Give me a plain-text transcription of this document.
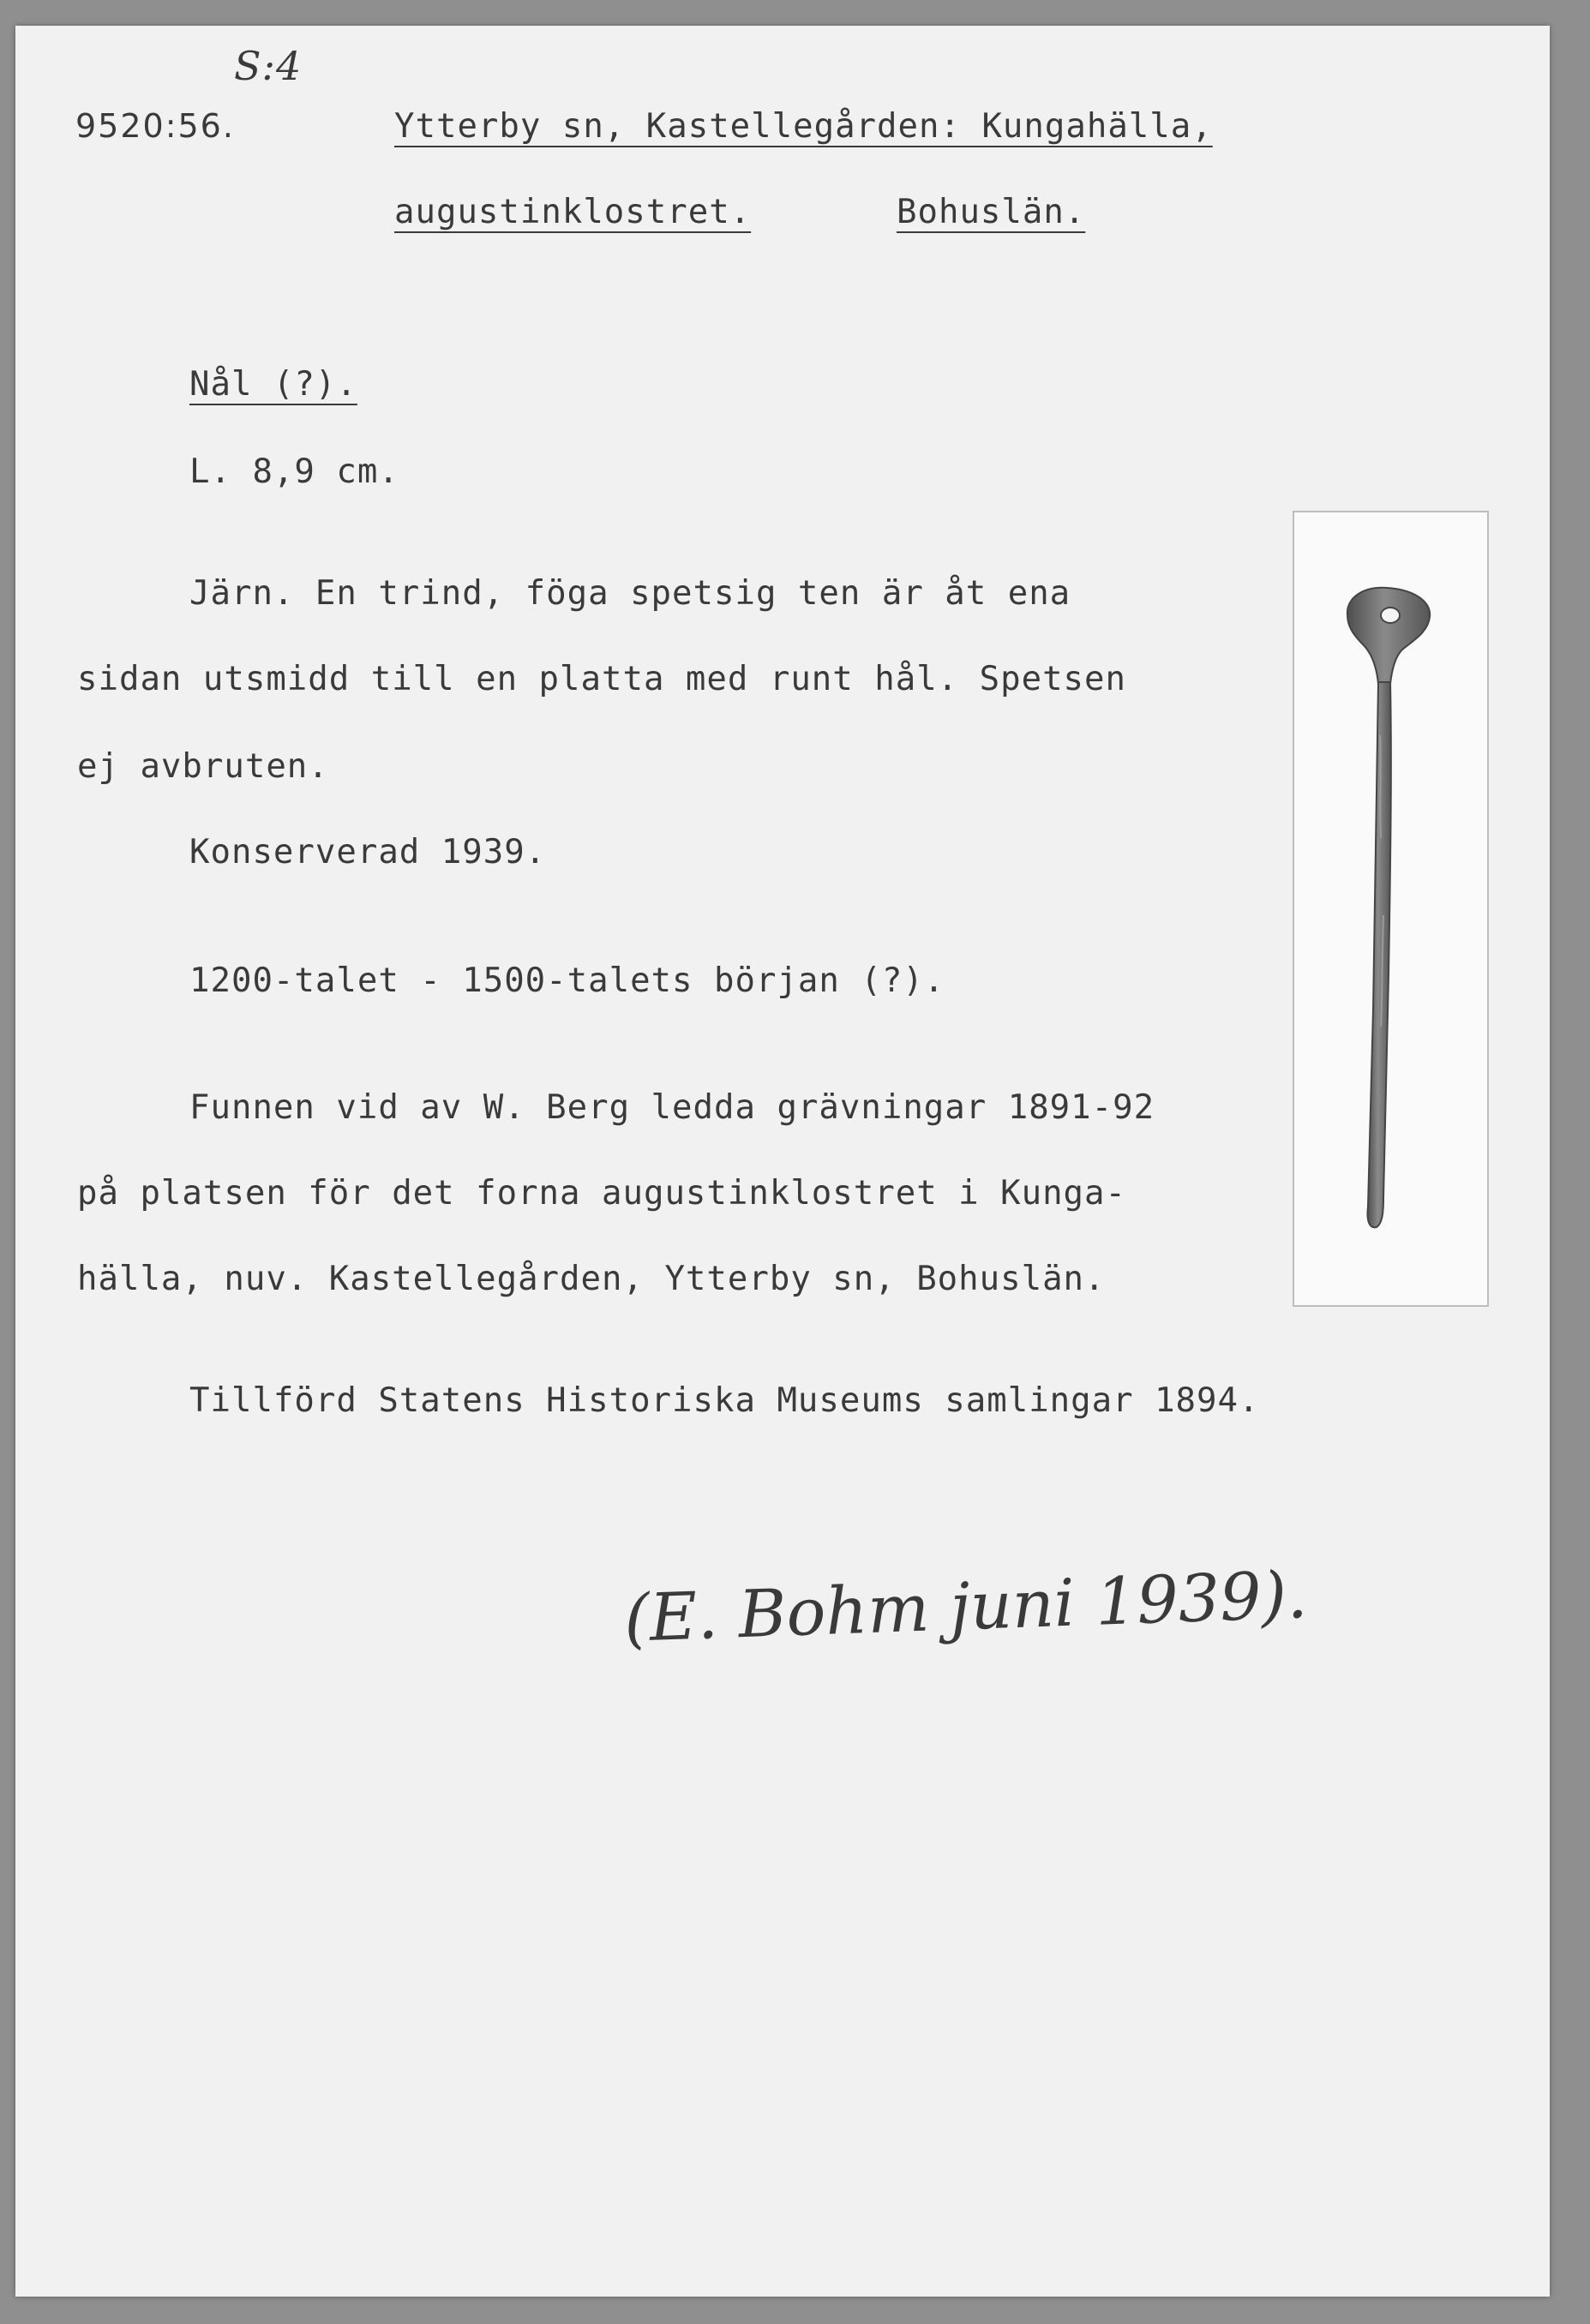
S:4
9520:56.	Ytterby sn, Kastellegården: Kungahälla,
augustinklostret.	Bohuslän.
Nål (?).
L. 8,9 cm.
Järn. En trind, föga spetsig ten är åt ena
sidan utsmidd till en platta med runt hål. Spetsen
ej avbruten.
Konserverad 1939.
1200-talet - 1500-talets början (?).
Funnen vid av W. Berg ledda grävningar 1891-92
på platsen för det forna augustinklostret i Kunga-
hälla, nuv. Kastellegården, Ytterby sn, Bohuslän.
Tillförd Statens Historiska Museums samlingar 1894.
(E. Bohm juni 1939).
